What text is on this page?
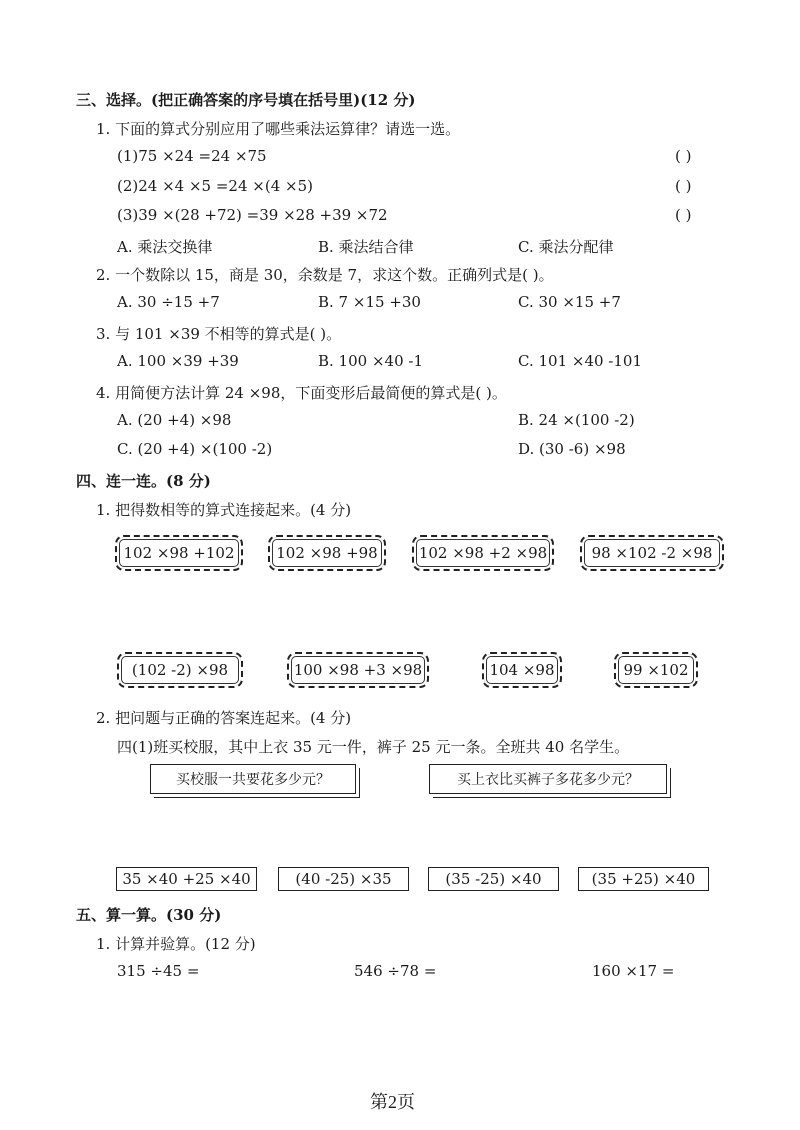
三、选择。(把正确答案的序号填在括号里)(12 分)
1. 下面的算式分别应用了哪些乘法运算律？请选一选。
(1)75 ×24 =24 ×75	( )
(2)24 ×4 ×5 =24 ×(4 ×5)	( )
(3)39 ×(28 +72) =39 ×28 +39 ×72	( )
A. 乘法交换律	B. 乘法结合律	C. 乘法分配律
2. 一个数除以 15，商是 30，余数是 7，求这个数。正确列式是( )。
A. 30 ÷15 +7	B. 7 ×15 +30	C. 30 ×15 +7
3. 与 101 ×39 不相等的算式是( )。
A. 100 ×39 +39	B. 100 ×40 -1	C. 101 ×40 -101
4. 用简便方法计算 24 ×98，下面变形后最简便的算式是( )。
A. (20 +4) ×98	B. 24 ×(100 -2)
C. (20 +4) ×(100 -2)	D. (30 -6) ×98
四、连一连。(8 分)
1. 把得数相等的算式连接起来。(4 分)
102 ×98 +102	102 ×98 +98	102 ×98 +2 ×98	98 ×102 -2 ×98
(102 -2) ×98	100 ×98 +3 ×98	104 ×98	99 ×102
2. 把问题与正确的答案连起来。(4 分)
四(1)班买校服，其中上衣 35 元一件，裤子 25 元一条。全班共 40 名学生。
买校服一共要花多少元？	买上衣比买裤子多花多少元？
35 ×40 +25 ×40	(40 -25) ×35	(35 -25) ×40	(35 +25) ×40
五、算一算。(30 分)
1. 计算并验算。(12 分)
315 ÷45 =	546 ÷78 =	160 ×17 =
第2页
